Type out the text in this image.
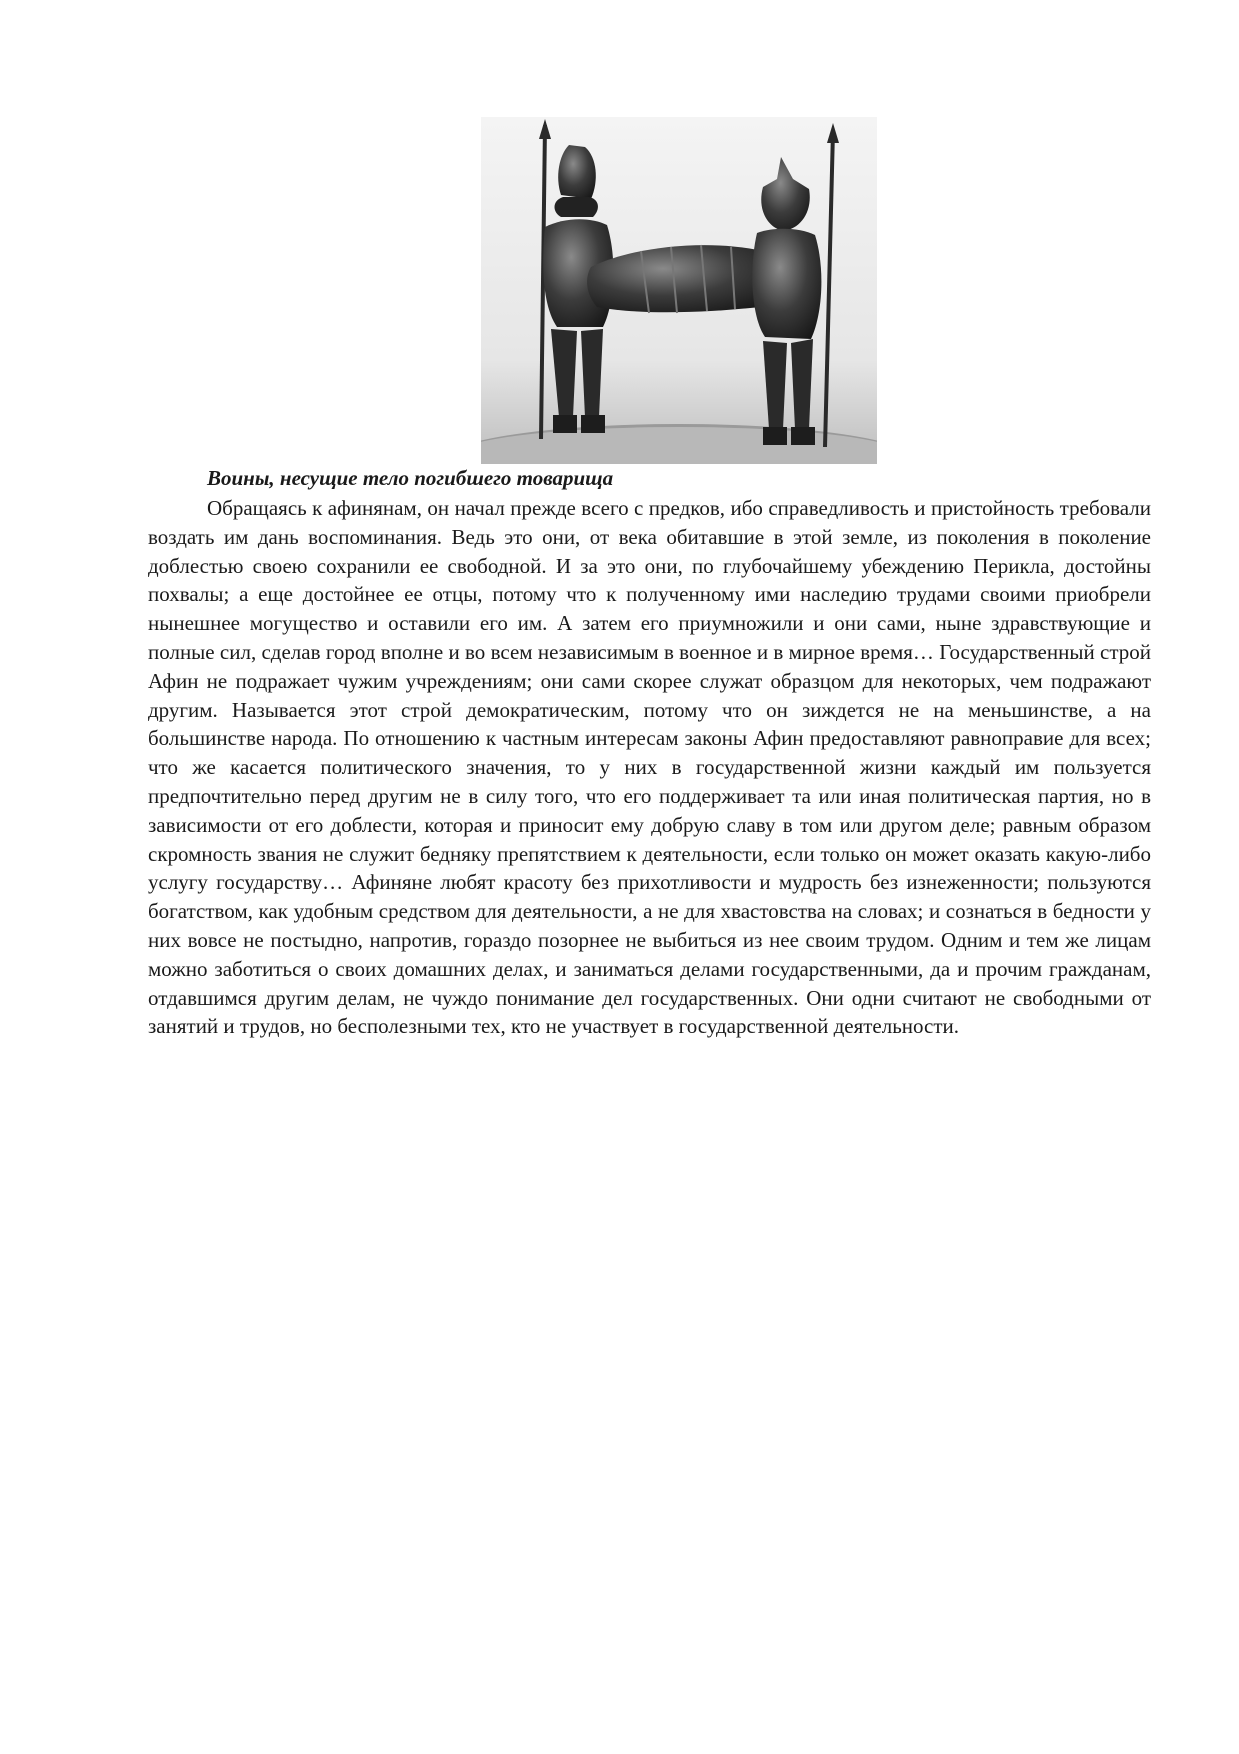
Воины, несущие тело погибшего товарища

Обращаясь к афинянам, он начал прежде всего с предков, ибо справедливость и пристойность требовали воздать им дань воспоминания. Ведь это они, от века обитавшие в этой земле, из поколения в поколение доблестью своею сохранили ее свободной. И за это они, по глубочайшему убеждению Перикла, достойны похвалы; а еще достойнее ее отцы, потому что к полученному ими наследию трудами своими приобрели нынешнее могущество и оставили его им. А затем его приумножили и они сами, ныне здравствующие и полные сил, сделав город вполне и во всем независимым в военное и в мирное время… Государственный строй Афин не подражает чужим учреждениям; они сами скорее служат образцом для некоторых, чем подражают другим. Называется этот строй демократическим, потому что он зиждется не на меньшинстве, а на большинстве народа. По отношению к частным интересам законы Афин предоставляют равноправие для всех; что же касается политического значения, то у них в государственной жизни каждый им пользуется предпочтительно перед другим не в силу того, что его поддерживает та или иная политическая партия, но в зависимости от его доблести, которая и приносит ему добрую славу в том или другом деле; равным образом скромность звания не служит бедняку препятствием к деятельности, если только он может оказать какую-либо услугу государству… Афиняне любят красоту без прихотливости и мудрость без изнеженности; пользуются богатством, как удобным средством для деятельности, а не для хвастовства на словах; и сознаться в бедности у них вовсе не постыдно, напротив, гораздо позорнее не выбиться из нее своим трудом. Одним и тем же лицам можно заботиться о своих домашних делах, и заниматься делами государственными, да и прочим гражданам, отдавшимся другим делам, не чуждо понимание дел государственных. Они одни считают не свободными от занятий и трудов, но бесполезными тех, кто не участвует в государственной деятельности.
